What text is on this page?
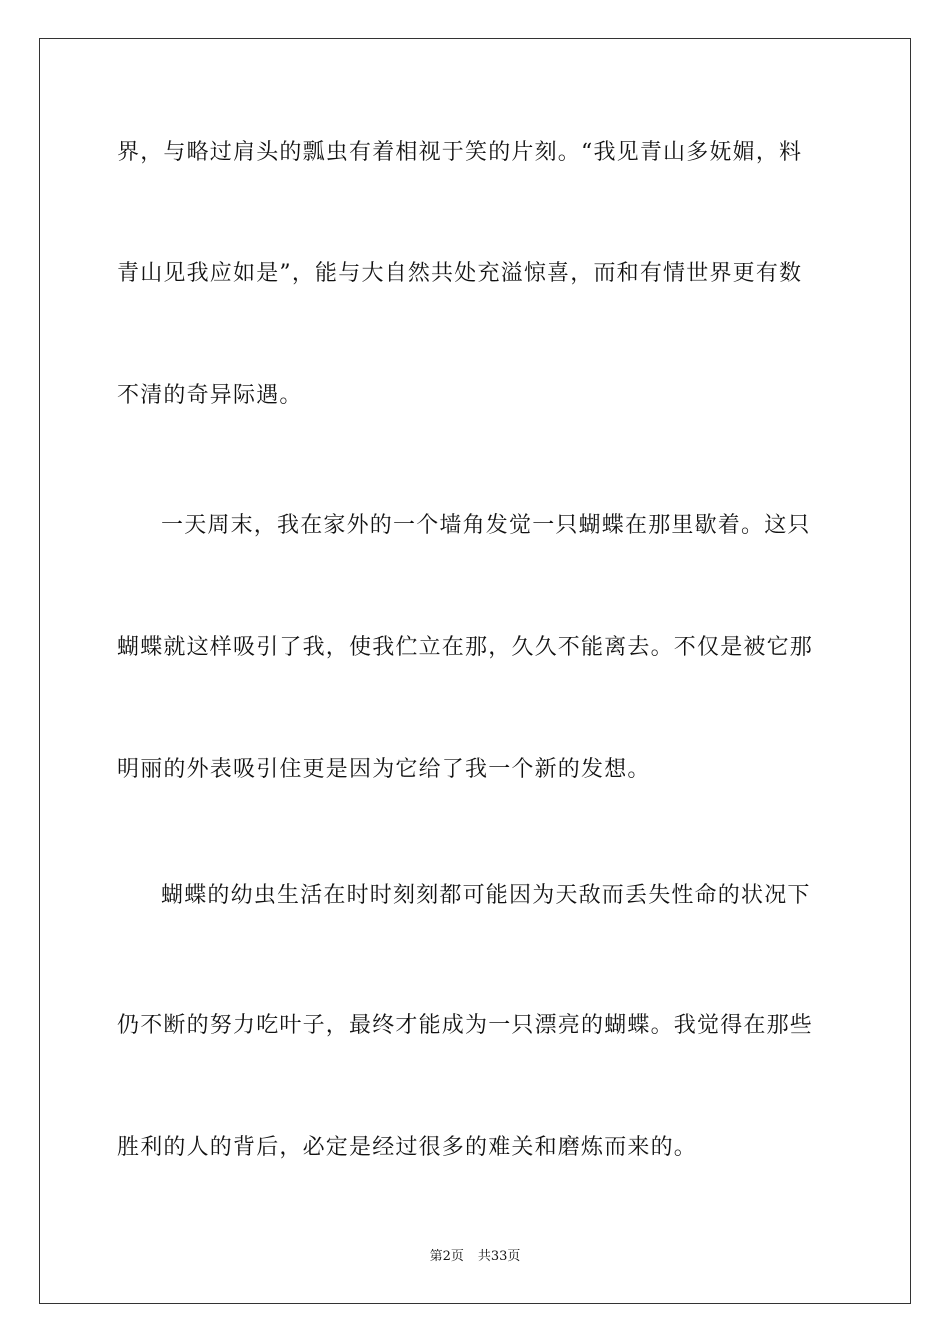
界，与略过肩头的瓢虫有着相视于笑的片刻。“我见青山多妩媚，料
青山见我应如是”，能与大自然共处充溢惊喜，而和有情世界更有数
不清的奇异际遇。
一天周末，我在家外的一个墙角发觉一只蝴蝶在那里歇着。这只
蝴蝶就这样吸引了我，使我伫立在那，久久不能离去。不仅是被它那
明丽的外表吸引住更是因为它给了我一个新的发想。
蝴蝶的幼虫生活在时时刻刻都可能因为天敌而丢失性命的状况下
仍不断的努力吃叶子，最终才能成为一只漂亮的蝴蝶。我觉得在那些
胜利的人的背后，必定是经过很多的难关和磨炼而来的。
第2页 共33页
